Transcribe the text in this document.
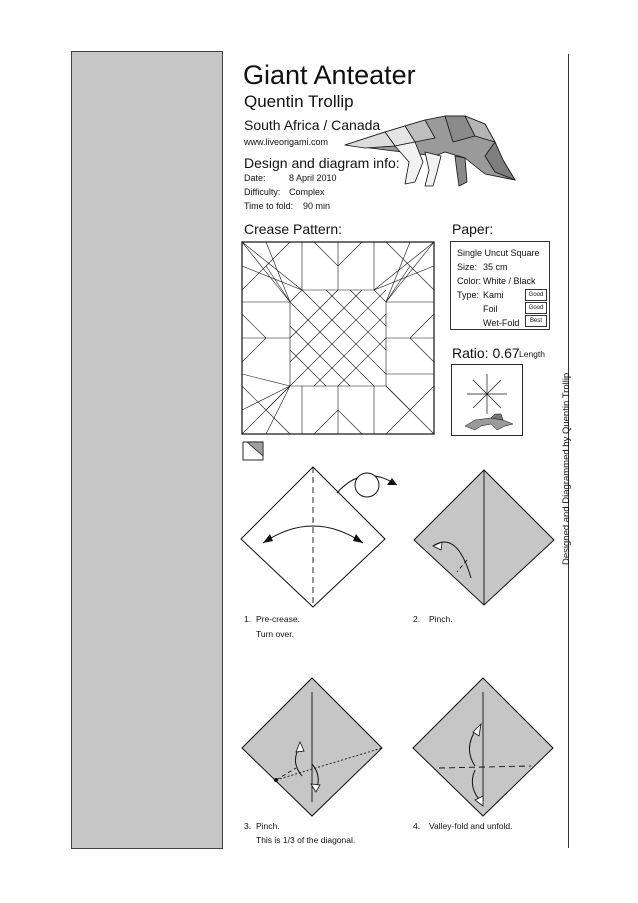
Giant Anteater
Quentin Trollip
South Africa / Canada
www.liveorigami.com
Design and diagram info:
Date:	8 April 2010
Difficulty: Complex
Time to fold: 90 min
Crease Pattern:	Paper:
Single Uncut Square
Size: 35 cm
Color: White / Black
Type: Kami	Good
Foil	Good
Wet-Fold	Best
Ratio: 0.67 Length
Designed and Diagrammed by Quentin Trollip
1. Pre-crease.
Turn over.
2. Pinch.
3. Pinch.
This is 1/3 of the diagonal.
4. Valley-fold and unfold.
